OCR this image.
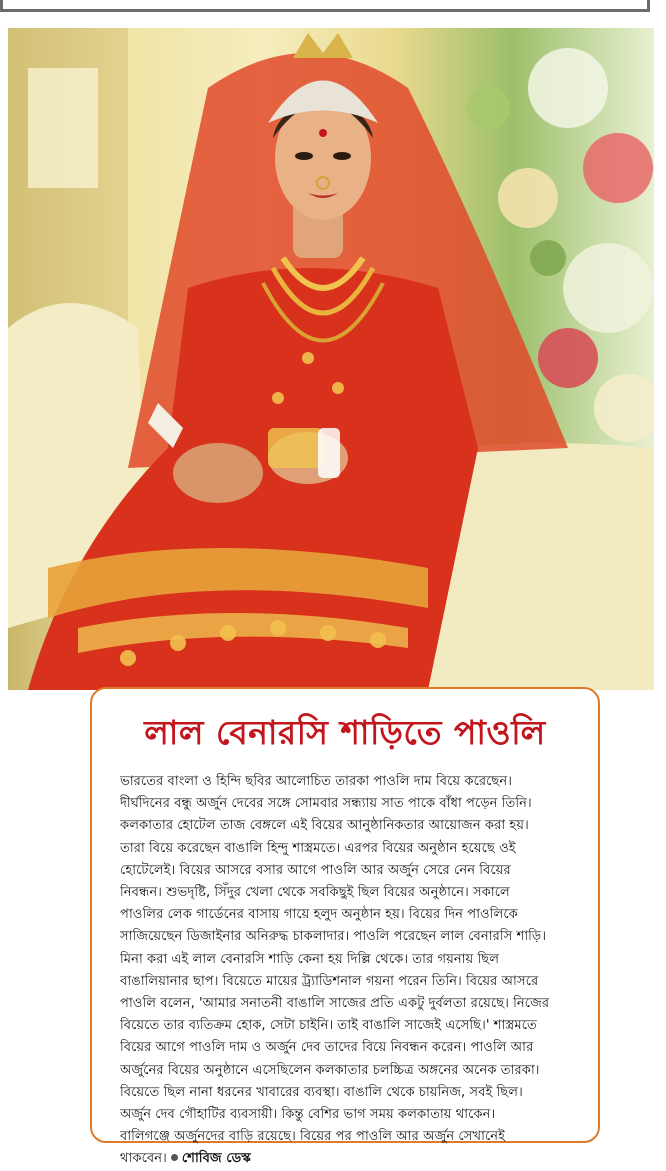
লাল বেনারসি শাড়িতে পাওলি

ভারতের বাংলা ও হিন্দি ছবির আলোচিত তারকা পাওলি দাম বিয়ে করেছেন।
দীর্ঘদিনের বন্ধু অর্জুন দেবের সঙ্গে সোমবার সন্ধ্যায় সাত পাকে বাঁধা পড়েন তিনি।
কলকাতার হোটেল তাজ বেঙ্গলে এই বিয়ের আনুষ্ঠানিকতার আয়োজন করা হয়।
তারা বিয়ে করেছেন বাঙালি হিন্দু শাস্ত্রমতে। এরপর বিয়ের অনুষ্ঠান হয়েছে ওই
হোটেলেই। বিয়ের আসরে বসার আগে পাওলি আর অর্জুন সেরে নেন বিয়ের
নিবন্ধন। শুভদৃষ্টি, সিঁদুর খেলা থেকে সবকিছুই ছিল বিয়ের অনুষ্ঠানে। সকালে
পাওলির লেক গার্ডেনের বাসায় গায়ে হলুদ অনুষ্ঠান হয়। বিয়ের দিন পাওলিকে
সাজিয়েছেন ডিজাইনার অনিরুদ্ধ চাকলাদার। পাওলি পরেছেন লাল বেনারসি শাড়ি।
মিনা করা এই লাল বেনারসি শাড়ি কেনা হয় দিল্লি থেকে। তার গয়নায় ছিল
বাঙালিয়ানার ছাপ। বিয়েতে মায়ের ট্র্যাডিশনাল গয়না পরেন তিনি। বিয়ের আসরে
পাওলি বলেন, 'আমার সনাতনী বাঙালি সাজের প্রতি একটু দুর্বলতা রয়েছে। নিজের
বিয়েতে তার ব্যতিক্রম হোক, সেটা চাইনি। তাই বাঙালি সাজেই এসেছি।' শাস্ত্রমতে
বিয়ের আগে পাওলি দাম ও অর্জুন দেব তাদের বিয়ে নিবন্ধন করেন। পাওলি আর
অর্জুনের বিয়ের অনুষ্ঠানে এসেছিলেন কলকাতার চলচ্চিত্র অঙ্গনের অনেক তারকা।
বিয়েতে ছিল নানা ধরনের খাবারের ব্যবস্থা। বাঙালি থেকে চায়নিজ, সবই ছিল।
অর্জুন দেব গৌহাটির ব্যবসায়ী। কিন্তু বেশির ভাগ সময় কলকাতায় থাকেন।
বালিগঞ্জে অর্জুনদের বাড়ি রয়েছে। বিয়ের পর পাওলি আর অর্জুন সেখানেই
থাকবেন। শোবিজ ডেস্ক
